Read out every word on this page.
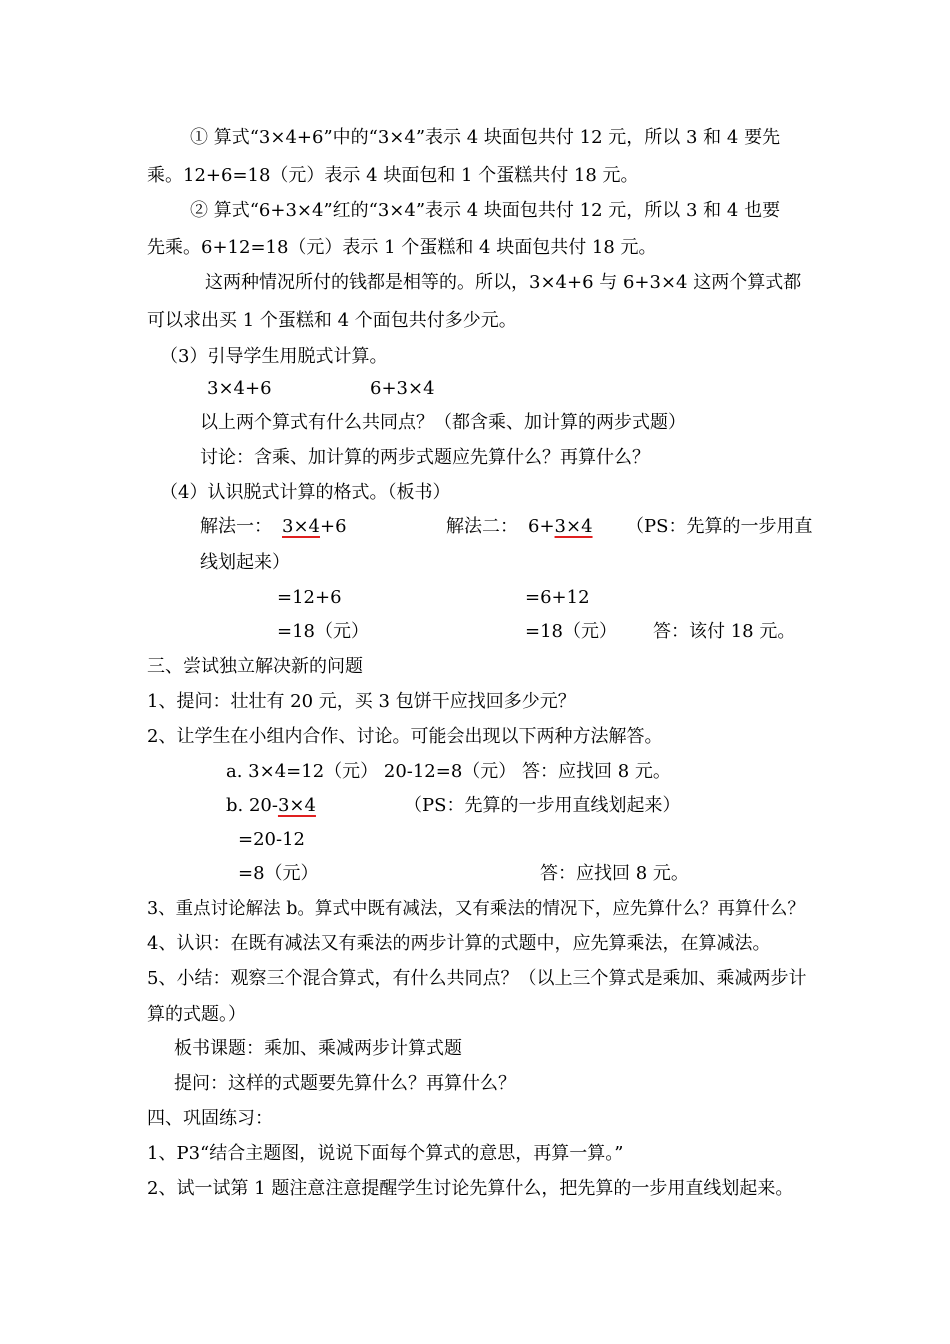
① 算式“3×4+6”中的“3×4”表示 4 块面包共付 12 元，所以 3 和 4 要先
乘。12+6=18（元）表示 4 块面包和 1 个蛋糕共付 18 元。
② 算式“6+3×4”红的“3×4”表示 4 块面包共付 12 元，所以 3 和 4 也要
先乘。6+12=18（元）表示 1 个蛋糕和 4 块面包共付 18 元。
这两种情况所付的钱都是相等的。所以，3×4+6 与 6+3×4 这两个算式都
可以求出买 1 个蛋糕和 4 个面包共付多少元。
（3）引导学生用脱式计算。
3×4+6	6+3×4
以上两个算式有什么共同点？（都含乘、加计算的两步式题）
讨论：含乘、加计算的两步式题应先算什么？再算什么？
（4）认识脱式计算的格式。（板书）
解法一： 3×4+6	解法二： 6+3×4 （PS：先算的一步用直
线划起来）
=12+6	=6+12
=18（元）	=18（元） 答：该付 18 元。
三、尝试独立解决新的问题
1、提问：壮壮有 20 元，买 3 包饼干应找回多少元？
2、让学生在小组内合作、讨论。可能会出现以下两种方法解答。
a. 3×4=12（元） 20-12=8（元） 答：应找回 8 元。
b. 20-3×4	（PS：先算的一步用直线划起来）
=20-12
=8（元）	答：应找回 8 元。
3、重点讨论解法 b。算式中既有减法，又有乘法的情况下，应先算什么？再算什么？
4、认识：在既有减法又有乘法的两步计算的式题中，应先算乘法，在算减法。
5、小结：观察三个混合算式，有什么共同点？（以上三个算式是乘加、乘减两步计
算的式题。）
板书课题：乘加、乘减两步计算式题
提问：这样的式题要先算什么？再算什么？
四、巩固练习：
1、P3“结合主题图，说说下面每个算式的意思，再算一算。”
2、试一试第 1 题注意注意提醒学生讨论先算什么，把先算的一步用直线划起来。
